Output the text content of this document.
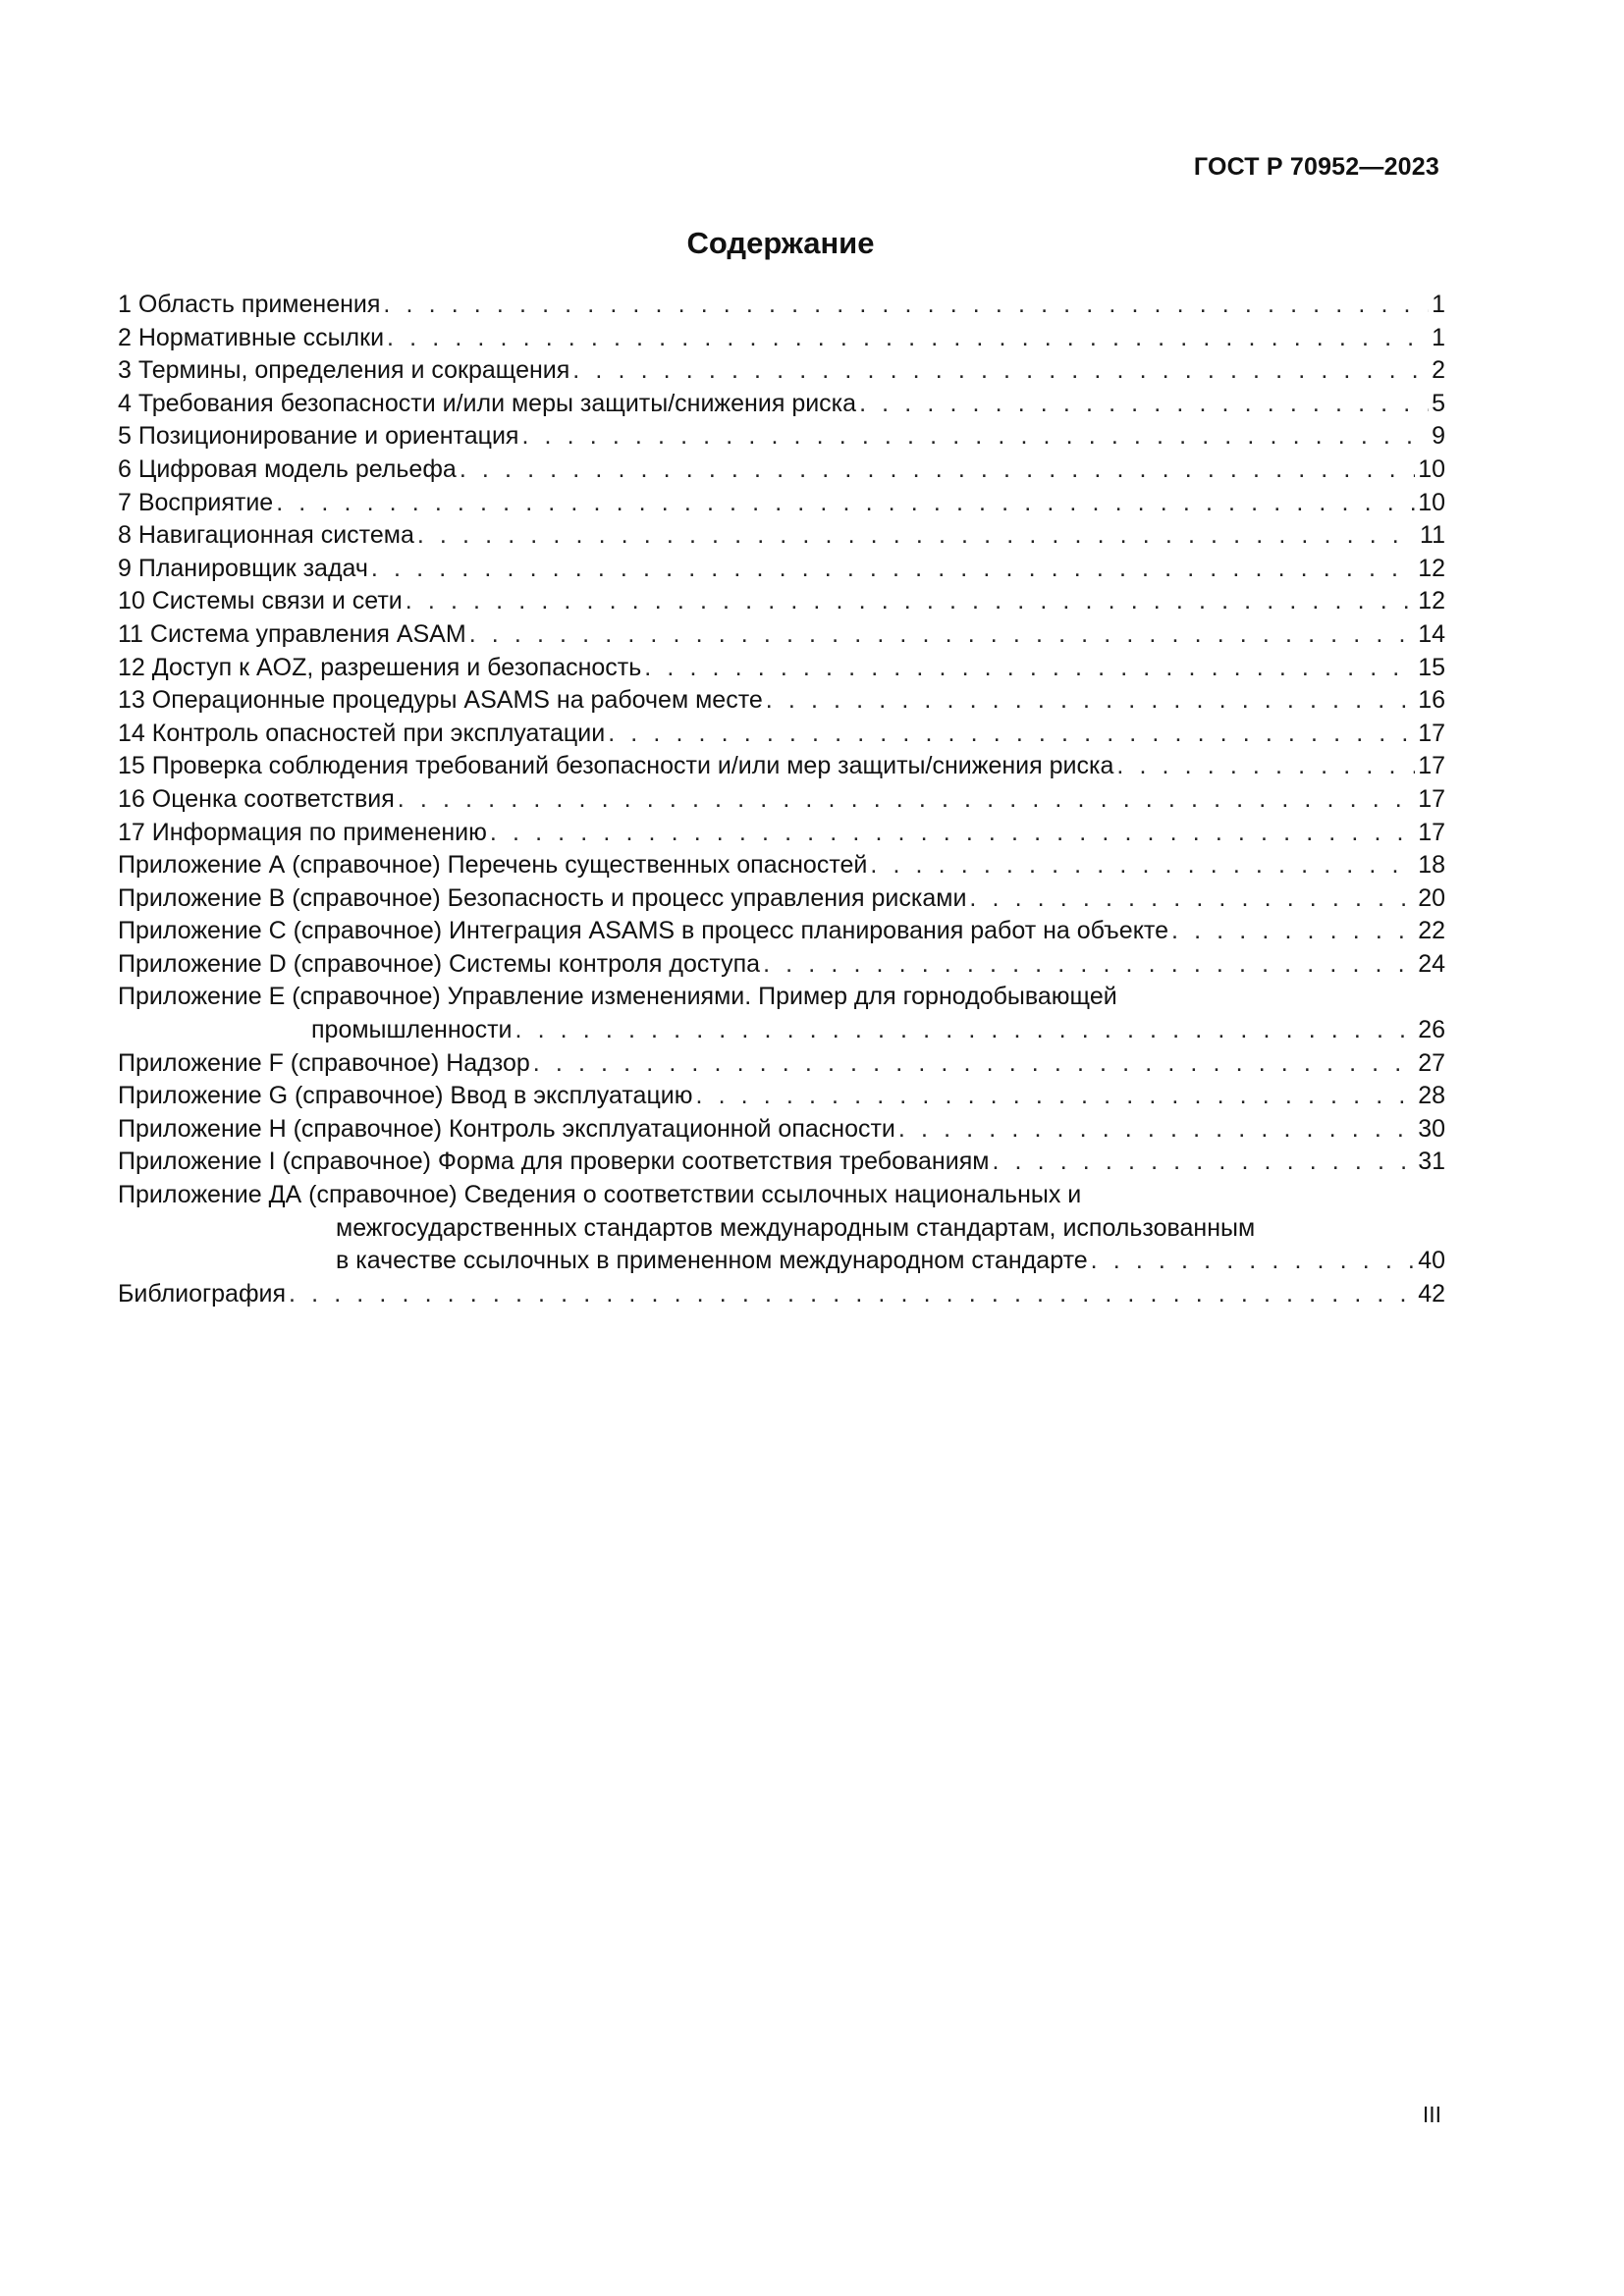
ГОСТ Р 70952—2023
Содержание
1 Область применения . . .	1
2 Нормативные ссылки . . .	1
3 Термины, определения и сокращения . . .	2
4 Требования безопасности и/или меры защиты/снижения риска . . .	5
5 Позиционирование и ориентация . . .	9
6 Цифровая модель рельефа . . .	10
7 Восприятие . . .	10
8 Навигационная система . . .	11
9 Планировщик задач . . .	12
10 Системы связи и сети . . .	12
11 Система управления ASAM . . .	14
12 Доступ к AOZ, разрешения и безопасность . . .	15
13 Операционные процедуры ASAMS на рабочем месте . . .	16
14 Контроль опасностей при эксплуатации . . .	17
15 Проверка соблюдения требований безопасности и/или мер защиты/снижения риска . . .	17
16 Оценка соответствия . . .	17
17 Информация по применению . . .	17
Приложение А (справочное) Перечень существенных опасностей . . .	18
Приложение В (справочное) Безопасность и процесс управления рисками . . .	20
Приложение С (справочное) Интеграция ASAMS в процесс планирования работ на объекте . . .	22
Приложение D (справочное) Системы контроля доступа . . .	24
Приложение Е (справочное) Управление изменениями. Пример для горнодобывающей
промышленности . . .	26
Приложение F (справочное) Надзор . . .	27
Приложение G (справочное) Ввод в эксплуатацию . . .	28
Приложение Н (справочное) Контроль эксплуатационной опасности . . .	30
Приложение I (справочное) Форма для проверки соответствия требованиям . . .	31
Приложение ДА (справочное) Сведения о соответствии ссылочных национальных и
межгосударственных стандартов международным стандартам, использованным
в качестве ссылочных в примененном международном стандарте . . .	40
Библиография . . .	42
III
